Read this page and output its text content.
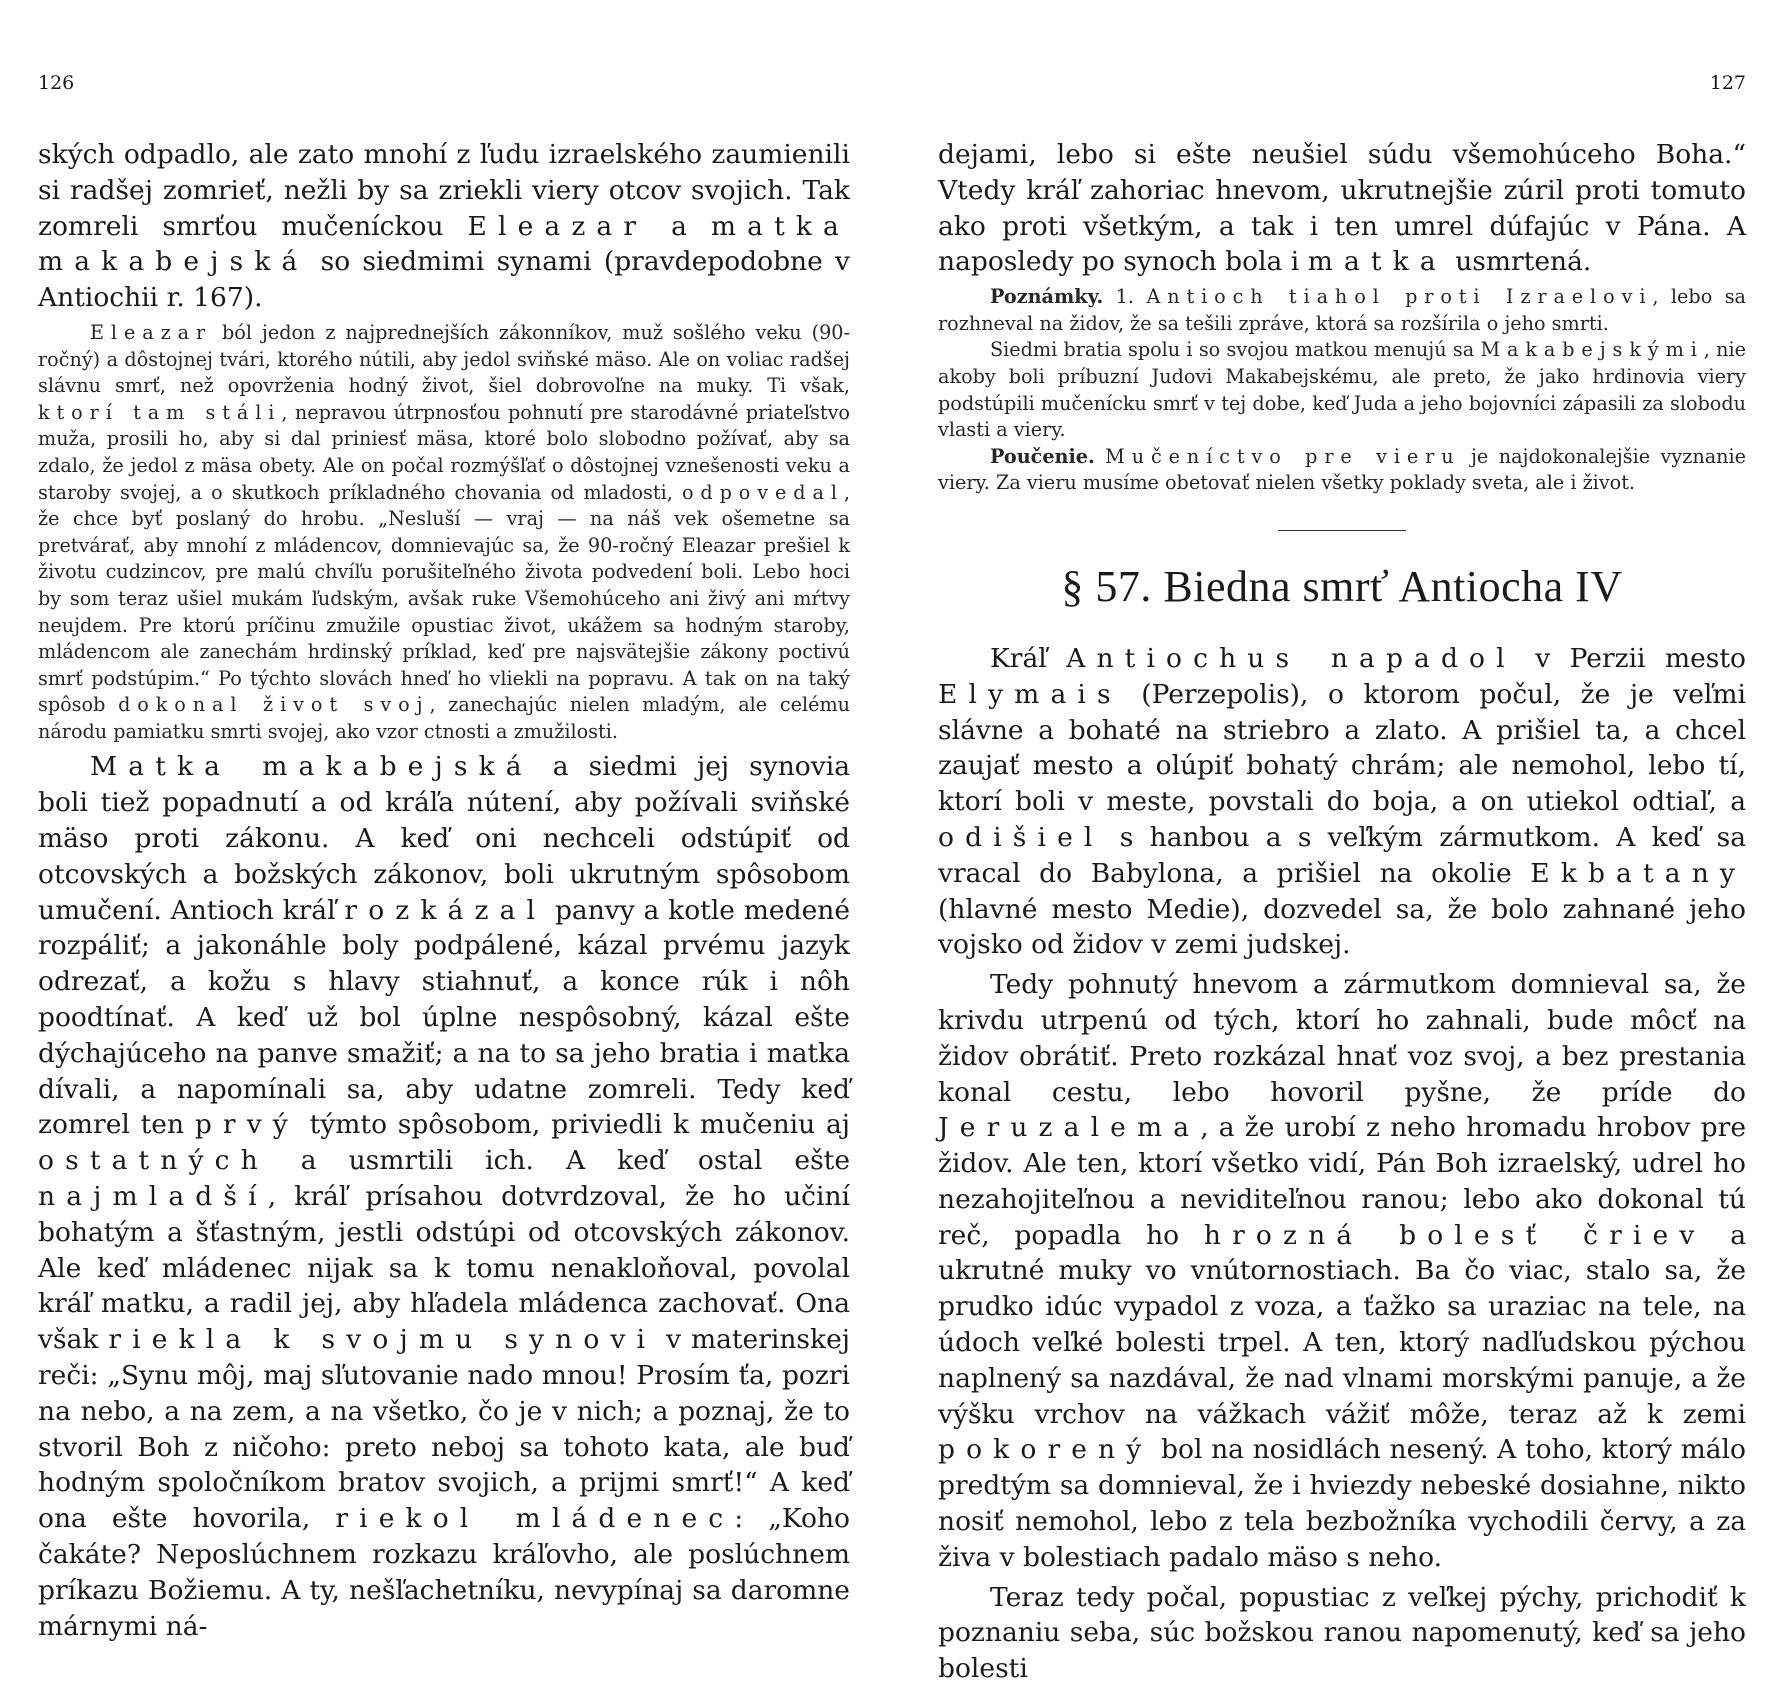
126

ských odpadlo, ale zato mnohí z ľudu izraelského zaumienili si radšej zomrieť, nežli by sa zriekli viery otcov svojich. Tak zomreli smrťou mučeníckou Eleazar a matka makabejská so siedmimi synami (pravdepodobne v Antiochii r. 167).

Eleazar ból jedon z najprednejších zákonníkov, muž sošlého veku (90-ročný) a dôstojnej tvári, ktorého nútili, aby jedol sviňské mäso. Ale on voliac radšej slávnu smrť, než opovrženia hodný život, šiel dobrovoľne na muky. Ti však, ktorí tam stáli, nepravou útrpnosťou pohnutí pre starodávné priateľstvo muža, prosili ho, aby si dal priniesť mäsa, ktoré bolo slobodno požívať, aby sa zdalo, že jedol z mäsa obety. Ale on počal rozmýšľať o dôstojnej vznešenosti veku a staroby svojej, a o skutkoch príkladného chovania od mladosti, odpovedal, že chce byť poslaný do hrobu. „Nesluší — vraj — na náš vek ošemetne sa pretvárať, aby mnohí z mládencov, domnievajúc sa, že 90-ročný Eleazar prešiel k životu cudzincov, pre malú chvíľu porušiteľného života podvedení boli. Lebo hoci by som teraz ušiel mukám ľudským, avšak ruke Všemohúceho ani živý ani mŕtvy neujdem. Pre ktorú príčinu zmužile opustiac život, ukážem sa hodným staroby, mládencom ale zanechám hrdinský príklad, keď pre najsvätejšie zákony poctivú smrť podstúpim.“ Po týchto slovách hneď ho vliekli na popravu. A tak on na taký spôsob dokonal život svoj, zanechajúc nielen mladým, ale celému národu pamiatku smrti svojej, ako vzor ctnosti a zmužilosti.

Matka makabejská a siedmi jej synovia boli tiež popadnutí a od kráľa nútení, aby požívali sviňské mäso proti zákonu. A keď oni nechceli odstúpiť od otcovských a božských zákonov, boli ukrutným spôsobom umučení. Antioch kráľ rozkázal panvy a kotle medené rozpáliť; a jakonáhle boly podpálené, kázal prvému jazyk odrezať, a kožu s hlavy stiahnuť, a konce rúk i nôh poodtínať. A keď už bol úplne nespôsobný, kázal ešte dýchajúceho na panve smažiť; a na to sa jeho bratia i matka dívali, a napomínali sa, aby udatne zomreli. Tedy keď zomrel ten prvý týmto spôsobom, priviedli k mučeniu aj ostatných a usmrtili ich. A keď ostal ešte najmladší, kráľ prísahou dotvrdzoval, že ho učiní bohatým a šťastným, jestli odstúpi od otcovských zákonov. Ale keď mládenec nijak sa k tomu nenakloňoval, povolal kráľ matku, a radil jej, aby hľadela mládenca zachovať. Ona však riekla k svojmu synovi v materinskej reči: „Synu môj, maj sľutovanie nado mnou! Prosím ťa, pozri na nebo, a na zem, a na všetko, čo je v nich; a poznaj, že to stvoril Boh z ničoho: preto neboj sa tohoto kata, ale buď hodným spoločníkom bratov svojich, a prijmi smrť!“ A keď ona ešte hovorila, riekol mládenec: „Koho čakáte? Neposlúchnem rozkazu kráľovho, ale poslúchnem príkazu Božiemu. A ty, nešľachetníku, nevypínaj sa daromne márnymi ná-

127

dejami, lebo si ešte neušiel súdu všemohúceho Boha.“ Vtedy kráľ zahoriac hnevom, ukrutnejšie zúril proti tomuto ako proti všetkým, a tak i ten umrel dúfajúc v Pána. A naposledy po synoch bola i matka usmrtená.

Poznámky. 1. Antioch tiahol proti Izraelovi, lebo sa rozhneval na židov, že sa tešili zpráve, ktorá sa rozšírila o jeho smrti.

Siedmi bratia spolu i so svojou matkou menujú sa Makabejskými, nie akoby boli príbuzní Judovi Makabejskému, ale preto, že jako hrdinovia viery podstúpili mučenícku smrť v tej dobe, keď Juda a jeho bojovníci zápasili za slobodu vlasti a viery.

Poučenie. Mučeníctvo pre vieru je najdokonalejšie vyznanie viery. Za vieru musíme obetovať nielen všetky poklady sveta, ale i život.

§ 57. Biedna smrť Antiocha IV

Kráľ Antiochus napadol v Perzii mesto Elymais (Perzepolis), o ktorom počul, že je veľmi slávne a bohaté na striebro a zlato. A prišiel ta, a chcel zaujať mesto a olúpiť bohatý chrám; ale nemohol, lebo tí, ktorí boli v meste, povstali do boja, a on utiekol odtiaľ, a odišiel s hanbou a s veľkým zármutkom. A keď sa vracal do Babylona, a prišiel na okolie Ekbatany (hlavné mesto Medie), dozvedel sa, že bolo zahnané jeho vojsko od židov v zemi judskej.

Tedy pohnutý hnevom a zármutkom domnieval sa, že krivdu utrpenú od tých, ktorí ho zahnali, bude môcť na židov obrátiť. Preto rozkázal hnať voz svoj, a bez prestania konal cestu, lebo hovoril pyšne, že príde do Jeruzalema, a že urobí z neho hromadu hrobov pre židov. Ale ten, ktorí všetko vidí, Pán Boh izraelský, udrel ho nezahojiteľnou a neviditeľnou ranou; lebo ako dokonal tú reč, popadla ho hrozná bolesť čriev a ukrutné muky vo vnútornostiach. Ba čo viac, stalo sa, že prudko idúc vypadol z voza, a ťažko sa uraziac na tele, na údoch veľké bolesti trpel. A ten, ktorý nadľudskou pýchou naplnený sa nazdával, že nad vlnami morskými panuje, a že výšku vrchov na vážkach vážiť môže, teraz až k zemi pokorený bol na nosidlách nesený. A toho, ktorý málo predtým sa domnieval, že i hviezdy nebeské dosiahne, nikto nosiť nemohol, lebo z tela bezbožníka vychodili červy, a za živa v bolestiach padalo mäso s neho.

Teraz tedy počal, popustiac z veľkej pýchy, prichodiť k poznaniu seba, súc božskou ranou napomenutý, keď sa jeho bolesti
